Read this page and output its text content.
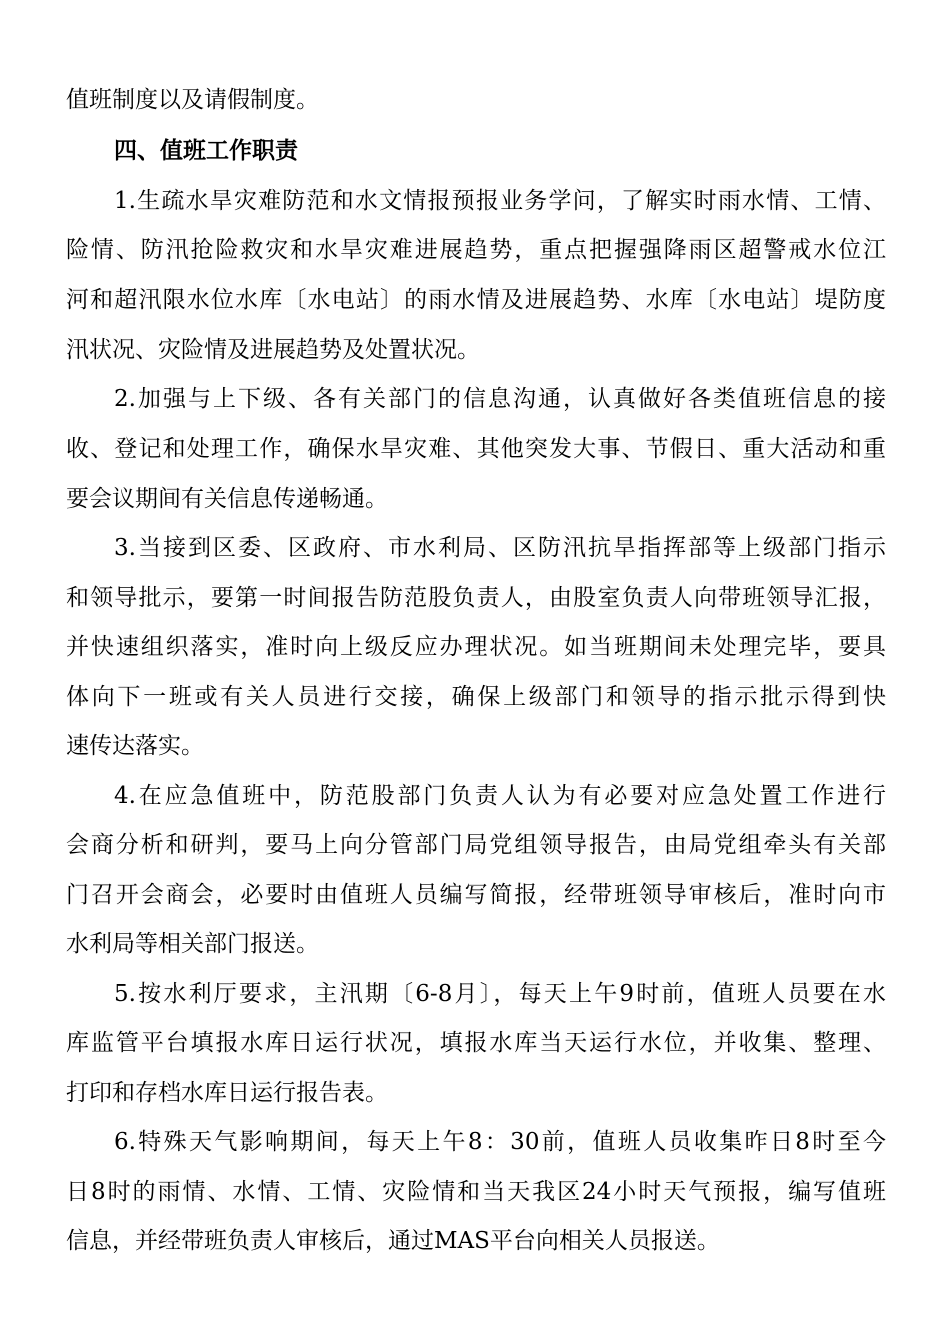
值班制度以及请假制度。
四、值班工作职责
1.生疏水旱灾难防范和水文情报预报业务学问，了解实时雨水情、工情、
险情、防汛抢险救灾和水旱灾难进展趋势，重点把握强降雨区超警戒水位江
河和超汛限水位水库〔水电站〕的雨水情及进展趋势、水库〔水电站〕堤防度
汛状况、灾险情及进展趋势及处置状况。
2.加强与上下级、各有关部门的信息沟通，认真做好各类值班信息的接
收、登记和处理工作，确保水旱灾难、其他突发大事、节假日、重大活动和重
要会议期间有关信息传递畅通。
3.当接到区委、区政府、市水利局、区防汛抗旱指挥部等上级部门指示
和领导批示，要第一时间报告防范股负责人，由股室负责人向带班领导汇报，
并快速组织落实，准时向上级反应办理状况。如当班期间未处理完毕，要具
体向下一班或有关人员进行交接，确保上级部门和领导的指示批示得到快
速传达落实。
4.在应急值班中，防范股部门负责人认为有必要对应急处置工作进行
会商分析和研判，要马上向分管部门局党组领导报告，由局党组牵头有关部
门召开会商会，必要时由值班人员编写简报，经带班领导审核后，准时向市
水利局等相关部门报送。
5.按水利厅要求，主汛期〔6-8月〕，每天上午9时前，值班人员要在水
库监管平台填报水库日运行状况，填报水库当天运行水位，并收集、整理、
打印和存档水库日运行报告表。
6.特殊天气影响期间，每天上午8：30前，值班人员收集昨日8时至今
日8时的雨情、水情、工情、灾险情和当天我区24小时天气预报，编写值班
信息，并经带班负责人审核后，通过MAS平台向相关人员报送。
